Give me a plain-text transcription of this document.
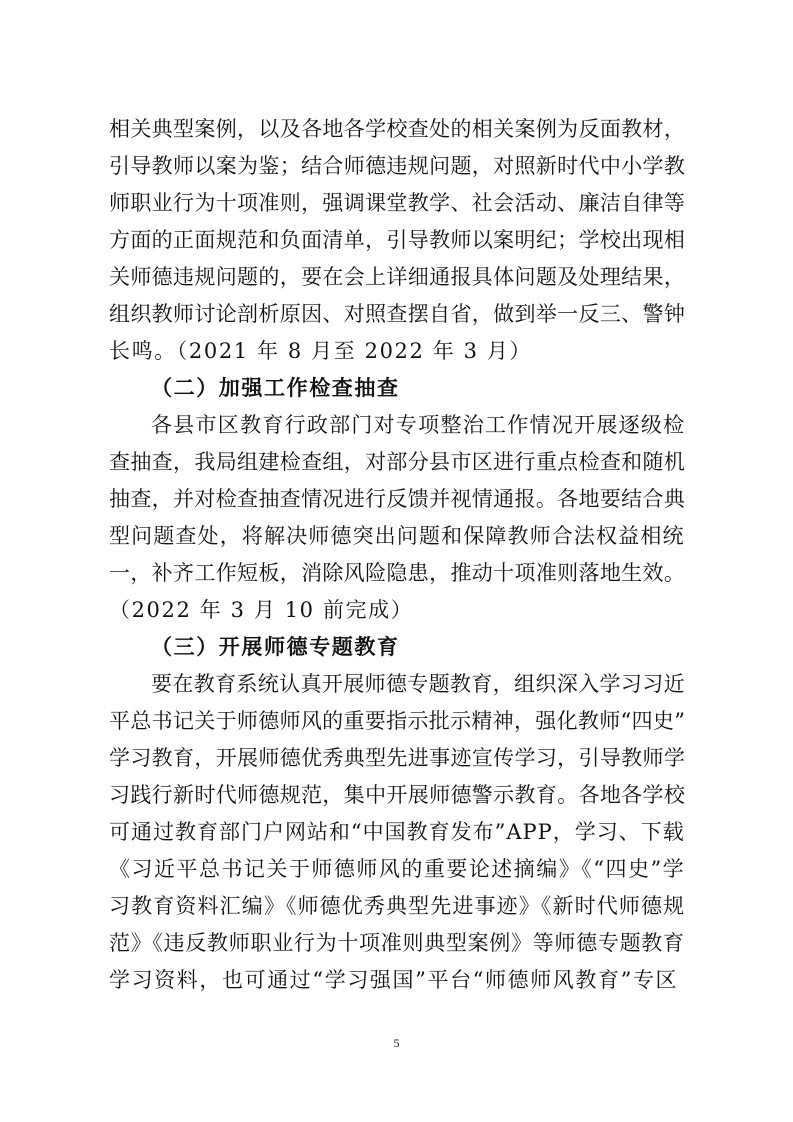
相关典型案例，以及各地各学校查处的相关案例为反面教材，
引导教师以案为鉴；结合师德违规问题，对照新时代中小学教
师职业行为十项准则，强调课堂教学、社会活动、廉洁自律等
方面的正面规范和负面清单，引导教师以案明纪；学校出现相
关师德违规问题的，要在会上详细通报具体问题及处理结果，
组织教师讨论剖析原因、对照查摆自省，做到举一反三、警钟
长鸣。（2021 年 8 月至 2022 年 3 月）
（二）加强工作检查抽查
各县市区教育行政部门对专项整治工作情况开展逐级检
查抽查，我局组建检查组，对部分县市区进行重点检查和随机
抽查，并对检查抽查情况进行反馈并视情通报。各地要结合典
型问题查处，将解决师德突出问题和保障教师合法权益相统
一，补齐工作短板，消除风险隐患，推动十项准则落地生效。
（2022 年 3 月 10 前完成）
（三）开展师德专题教育
要在教育系统认真开展师德专题教育，组织深入学习习近
平总书记关于师德师风的重要指示批示精神，强化教师“四史”
学习教育，开展师德优秀典型先进事迹宣传学习，引导教师学
习践行新时代师德规范，集中开展师德警示教育。各地各学校
可通过教育部门户网站和“中国教育发布”APP，学习、下载
《习近平总书记关于师德师风的重要论述摘编》《“四史”学
习教育资料汇编》《师德优秀典型先进事迹》《新时代师德规
范》《违反教师职业行为十项准则典型案例》等师德专题教育
学习资料，也可通过“学习强国”平台“师德师风教育”专区
5
